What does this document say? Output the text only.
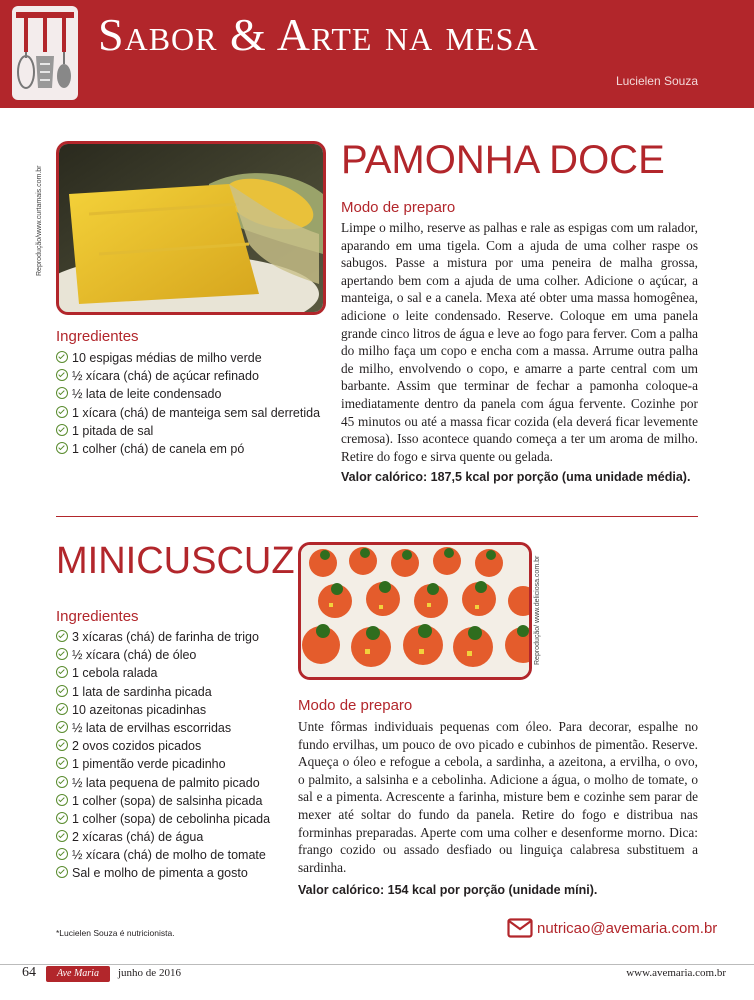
Sabor & Arte na mesa
Lucielen Souza
Reprodução/www.curtamais.com.br
PAMONHA DOCE
Ingredientes
10 espigas médias de milho verde
½ xícara (chá) de açúcar refinado
½ lata de leite condensado
1 xícara (chá) de manteiga sem sal derretida
1 pitada de sal
1 colher (chá) de canela em pó
Modo de preparo
Limpe o milho, reserve as palhas e rale as espigas com um ralador, aparando em uma tigela. Com a ajuda de uma colher raspe os sabugos. Passe a mistura por uma peneira de malha grossa, apertando bem com a ajuda de uma colher. Adicione o açúcar, a manteiga, o sal e a canela. Mexa até obter uma massa homogênea, adicione o leite condensado. Reserve. Coloque em uma panela grande cinco litros de água e leve ao fogo para ferver. Com a palha do milho faça um copo e encha com a massa. Arrume outra palha de milho, envolvendo o copo, e amarre a parte central com um barbante. Assim que terminar de fechar a pamonha coloque-a imediatamente dentro da panela com água fervente. Cozinhe por 45 minutos ou até a massa ficar cozida (ela deverá ficar levemente cremosa). Isso acontece quando começa a ter um aroma de milho. Retire do fogo e sirva quente ou gelada.
Valor calórico: 187,5 kcal por porção (uma unidade média).
MINICUSCUZ	Reprodução/ www.deliciosa.com.br
Ingredientes
3 xícaras (chá) de farinha de trigo
½ xícara (chá) de óleo
1 cebola ralada
1 lata de sardinha picada
10 azeitonas picadinhas
½ lata de ervilhas escorridas
2 ovos cozidos picados
1 pimentão verde picadinho
½ lata pequena de palmito picado
1 colher (sopa) de salsinha picada
1 colher (sopa) de cebolinha picada
2 xícaras (chá) de água
½ xícara (chá) de molho de tomate
Sal e molho de pimenta a gosto
Modo de preparo
Unte fôrmas individuais pequenas com óleo. Para decorar, espalhe no fundo ervilhas, um pouco de ovo picado e cubinhos de pimentão. Reserve. Aqueça o óleo e refogue a cebola, a sardinha, a azeitona, a ervilha, o ovo, o palmito, a salsinha e a cebolinha. Adicione a água, o molho de tomate, o sal e a pimenta. Acrescente a farinha, misture bem e cozinhe sem parar de mexer até soltar do fundo da panela. Retire do fogo e distribua nas forminhas preparadas. Aperte com uma colher e desenforme morno. Dica: frango cozido ou assado desfiado ou linguiça calabresa substituem a sardinha.
Valor calórico: 154 kcal por porção (unidade míni).
*Lucielen Souza é nutricionista.	nutricao@avemaria.com.br
64	Ave Maria	junho de 2016	www.avemaria.com.br
